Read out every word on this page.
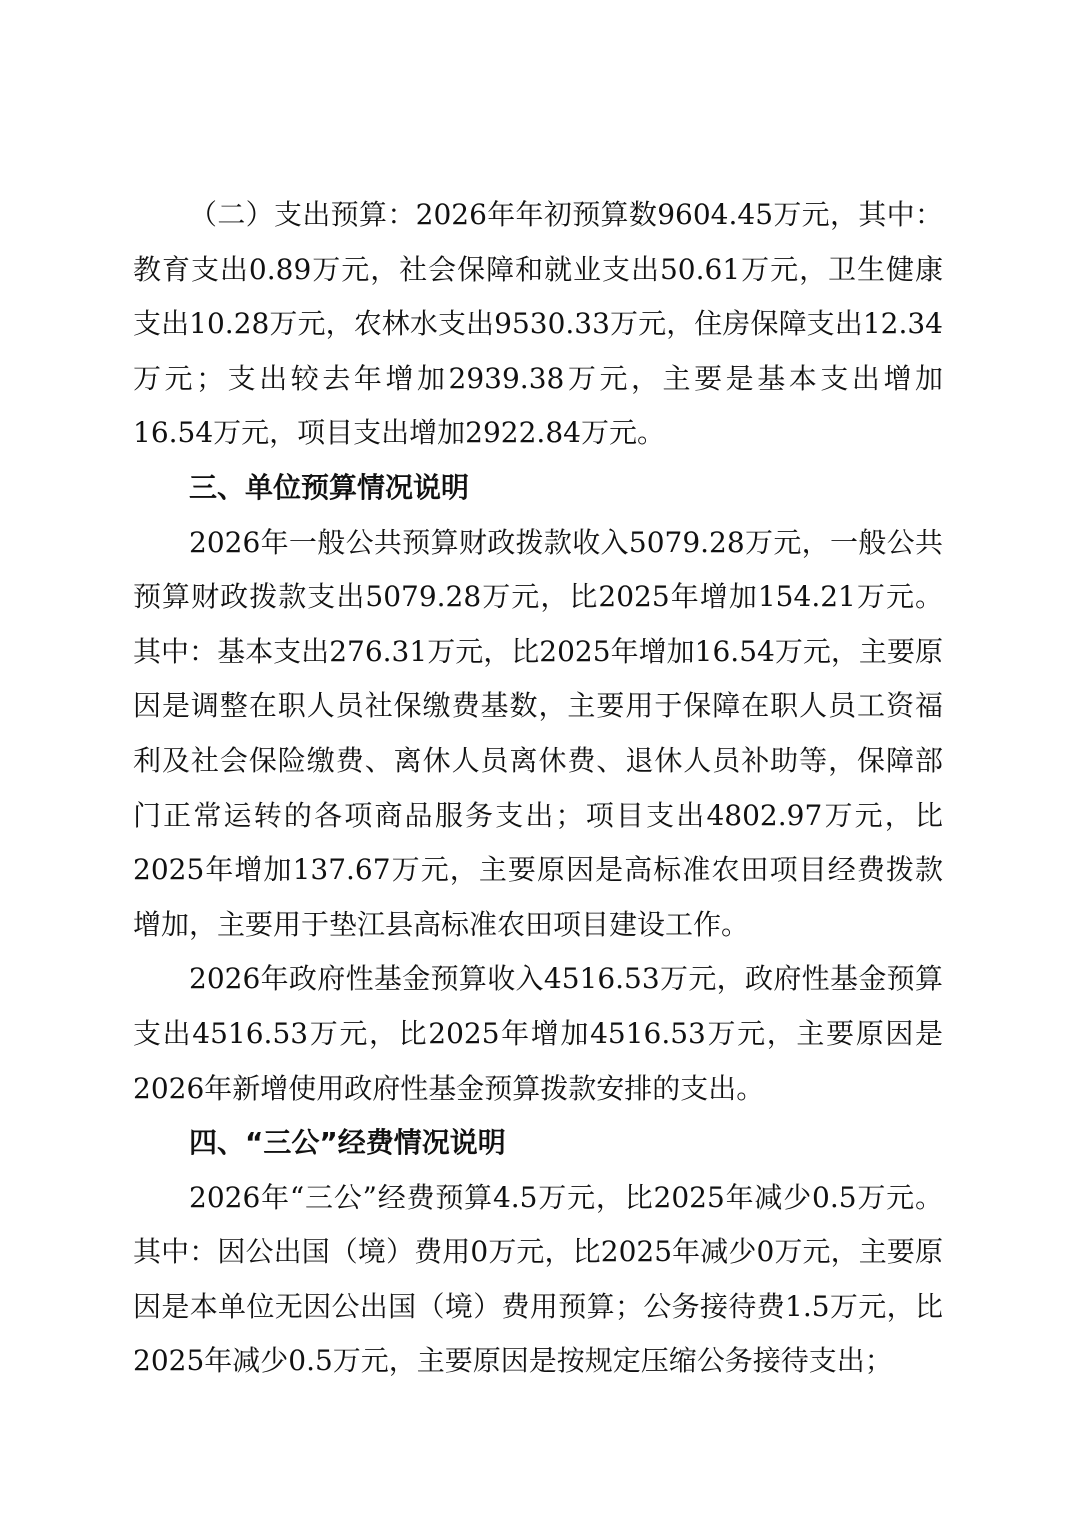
（二）支出预算：2026年年初预算数9604.45万元，其中：教育支出0.89万元，社会保障和就业支出50.61万元，卫生健康支出10.28万元，农林水支出9530.33万元，住房保障支出12.34万元；支出较去年增加2939.38万元，主要是基本支出增加16.54万元，项目支出增加2922.84万元。

三、单位预算情况说明

2026年一般公共预算财政拨款收入5079.28万元，一般公共预算财政拨款支出5079.28万元，比2025年增加154.21万元。其中：基本支出276.31万元，比2025年增加16.54万元，主要原因是调整在职人员社保缴费基数，主要用于保障在职人员工资福利及社会保险缴费、离休人员离休费、退休人员补助等，保障部门正常运转的各项商品服务支出；项目支出4802.97万元，比2025年增加137.67万元，主要原因是高标准农田项目经费拨款增加，主要用于垫江县高标准农田项目建设工作。

2026年政府性基金预算收入4516.53万元，政府性基金预算支出4516.53万元，比2025年增加4516.53万元，主要原因是2026年新增使用政府性基金预算拨款安排的支出。

四、“三公”经费情况说明

2026年“三公”经费预算4.5万元，比2025年减少0.5万元。其中：因公出国（境）费用0万元，比2025年减少0万元，主要原因是本单位无因公出国（境）费用预算；公务接待费1.5万元，比2025年减少0.5万元，主要原因是按规定压缩公务接待支出；
